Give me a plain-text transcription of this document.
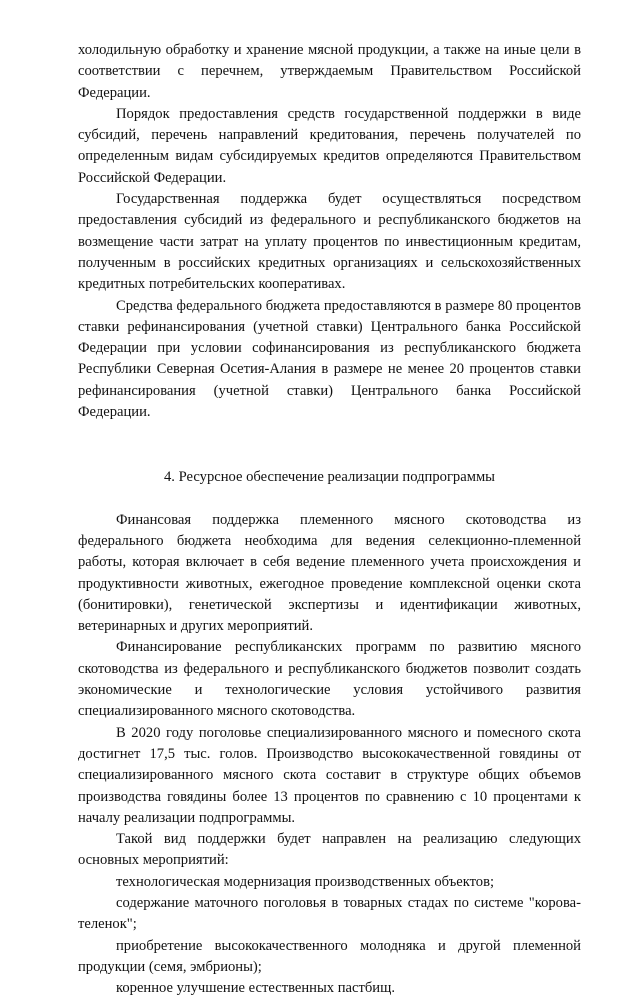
холодильную обработку и хранение мясной продукции, а также на иные цели в соответствии с перечнем, утверждаемым Правительством Российской Федерации.

Порядок предоставления средств государственной поддержки в виде субсидий, перечень направлений кредитования, перечень получателей по определенным видам субсидируемых кредитов определяются Правительством Российской Федерации.

Государственная поддержка будет осуществляться посредством предоставления субсидий из федерального и республиканского бюджетов на возмещение части затрат на уплату процентов по инвестиционным кредитам, полученным в российских кредитных организациях и сельскохозяйственных кредитных потребительских кооперативах.

Средства федерального бюджета предоставляются в размере 80 процентов ставки рефинансирования (учетной ставки) Центрального банка Российской Федерации при условии софинансирования из республиканского бюджета Республики Северная Осетия-Алания в размере не менее 20 процентов ставки рефинансирования (учетной ставки) Центрального банка Российской Федерации.

4. Ресурсное обеспечение реализации подпрограммы

Финансовая поддержка племенного мясного скотоводства из федерального бюджета необходима для ведения селекционно-племенной работы, которая включает в себя ведение племенного учета происхождения и продуктивности животных, ежегодное проведение комплексной оценки скота (бонитировки), генетической экспертизы и идентификации животных, ветеринарных и других мероприятий.

Финансирование республиканских программ по развитию мясного скотоводства из федерального и республиканского бюджетов позволит создать экономические и технологические условия устойчивого развития специализированного мясного скотоводства.

В 2020 году поголовье специализированного мясного и помесного скота достигнет 17,5 тыс. голов. Производство высококачественной говядины от специализированного мясного скота составит в структуре общих объемов производства говядины более 13 процентов по сравнению с 10 процентами к началу реализации подпрограммы.

Такой вид поддержки будет направлен на реализацию следующих основных мероприятий:

технологическая модернизация производственных объектов;

содержание маточного поголовья в товарных стадах по системе "корова-теленок";

приобретение высококачественного молодняка и другой племенной продукции (семя, эмбрионы);

коренное улучшение естественных пастбищ.
